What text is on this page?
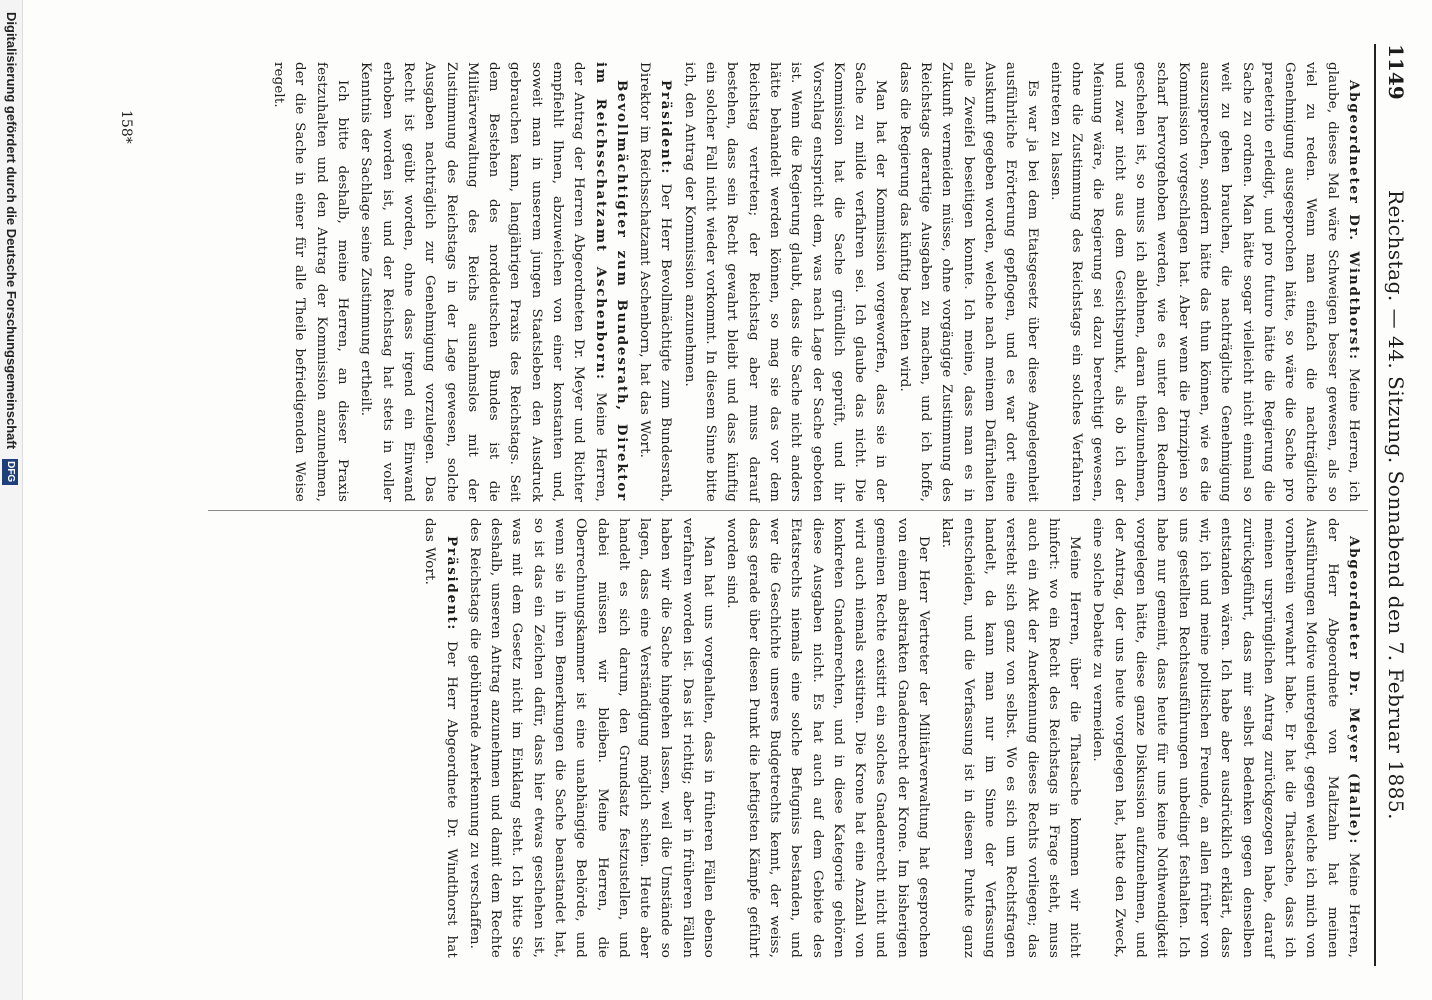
1149
Reichstag. — 44. Sitzung. Sonnabend den 7. Februar 1885.

Abgeordneter Dr. Windthorst: Meine Herren, ich glaube, dieses Mal wäre Schweigen besser gewesen, als so viel zu reden. Wenn man einfach die nachträgliche Genehmigung ausgesprochen hätte, so wäre die Sache pro praeterito erledigt, und pro futuro hätte die Regierung die Sache zu ordnen. Man hätte sogar vielleicht nicht einmal so weit zu gehen brauchen, die nachträgliche Genehmigung auszusprechen, sondern hätte das thun können, wie es die Kommission vorgeschlagen hat. Aber wenn die Prinzipien so scharf hervorgehoben werden, wie es unter den Rednern geschehen ist, so muss ich ablehnen, daran theilzunehmen, und zwar nicht aus dem Gesichtspunkt, als ob ich der Meinung wäre, die Regierung sei dazu berechtigt gewesen, ohne die Zustimmung des Reichstags ein solches Verfahren eintreten zu lassen.

Es war ja bei dem Etatsgesetz über diese Angelegenheit ausführliche Erörterung gepflogen, und es war dort eine Auskunft gegeben worden, welche nach meinem Dafürhalten alle Zweifel beseitigen konnte. Ich meine, dass man es in Zukunft vermeiden müsse, ohne vorgängige Zustimmung des Reichstags derartige Ausgaben zu machen, und ich hoffe, dass die Regierung das künftig beachten wird.

Man hat der Kommission vorgeworfen, dass sie in der Sache zu milde verfahren sei. Ich glaube das nicht. Die Kommission hat die Sache gründlich geprüft, und ihr Vorschlag entspricht dem, was nach Lage der Sache geboten ist. Wenn die Regierung glaubt, dass die Sache nicht anders hätte behandelt werden können, so mag sie das vor dem Reichstag vertreten; der Reichstag aber muss darauf bestehen, dass sein Recht gewahrt bleibt und dass künftig ein solcher Fall nicht wieder vorkommt. In diesem Sinne bitte ich, den Antrag der Kommission anzunehmen.

Präsident: Der Herr Bevollmächtigte zum Bundesrath, Direktor im Reichsschatzamt Aschenborn, hat das Wort.

Bevollmächtigter zum Bundesrath, Direktor im Reichsschatzamt Aschenborn: Meine Herren, der Antrag der Herren Abgeordneten Dr. Meyer und Richter empfiehlt Ihnen, abzuweichen von einer konstanten und, soweit man in unserem jungen Staatsleben den Ausdruck gebrauchen kann, langjährigen Praxis des Reichstags. Seit dem Bestehen des norddeutschen Bundes ist die Militärverwaltung des Reichs ausnahmslos mit der Zustimmung des Reichstags in der Lage gewesen, solche Ausgaben nachträglich zur Genehmigung vorzulegen. Das Recht ist geübt worden, ohne dass irgend ein Einwand erhoben worden ist, und der Reichstag hat stets in voller Kenntnis der Sachlage seine Zustimmung ertheilt.

Ich bitte deshalb, meine Herren, an dieser Praxis festzuhalten und den Antrag der Kommission anzunehmen, der die Sache in einer für alle Theile befriedigenden Weise regelt.

Abgeordneter Dr. Meyer (Halle): Meine Herren, der Herr Abgeordnete von Maltzahn hat meinen Ausführungen Motive untergelegt, gegen welche ich mich von vornherein verwahrt habe. Er hat die Thatsache, dass ich meinen ursprünglichen Antrag zurückgezogen habe, darauf zurückgeführt, dass mir selbst Bedenken gegen denselben entstanden wären. Ich habe aber ausdrücklich erklärt, dass wir, ich und meine politischen Freunde, an allen früher von uns gestellten Rechtsausführungen unbedingt festhalten. Ich habe nur gemeint, dass heute für uns keine Nothwendigkeit vorgelegen hätte, diese ganze Diskussion aufzunehmen, und der Antrag, der uns heute vorgelegen hat, hatte den Zweck, eine solche Debatte zu vermeiden.

Meine Herren, über die Thatsache kommen wir nicht hinfort: wo ein Recht des Reichstags in Frage steht, muss auch ein Akt der Anerkennung dieses Rechts vorliegen; das versteht sich ganz von selbst. Wo es sich um Rechtsfragen handelt, da kann man nur im Sinne der Verfassung entscheiden, und die Verfassung ist in diesem Punkte ganz klar.

Der Herr Vertreter der Militärverwaltung hat gesprochen von einem abstrakten Gnadenrecht der Krone. Im bisherigen gemeinen Rechte existirt ein solches Gnadenrecht nicht und wird auch niemals existiren. Die Krone hat eine Anzahl von konkreten Gnadenrechten, und in diese Kategorie gehören diese Ausgaben nicht. Es hat auch auf dem Gebiete des Etatsrechts niemals eine solche Befugniss bestanden, und wer die Geschichte unseres Budgetrechts kennt, der weiss, dass gerade über diesen Punkt die heftigsten Kämpfe geführt worden sind.

Man hat uns vorgehalten, dass in früheren Fällen ebenso verfahren worden ist. Das ist richtig; aber in früheren Fällen haben wir die Sache hingehen lassen, weil die Umstände so lagen, dass eine Verständigung möglich schien. Heute aber handelt es sich darum, den Grundsatz festzustellen, und dabei müssen wir bleiben. Meine Herren, die Oberrechnungskammer ist eine unabhängige Behörde, und wenn sie in ihren Bemerkungen die Sache beanstandet hat, so ist das ein Zeichen dafür, dass hier etwas geschehen ist, was mit dem Gesetz nicht im Einklang steht. Ich bitte Sie deshalb, unseren Antrag anzunehmen und damit dem Rechte des Reichstags die gebührende Anerkennung zu verschaffen.

Präsident: Der Herr Abgeordnete Dr. Windthorst hat das Wort.

158*
Digitalisierung gefördert durch die Deutsche Forschungsgemeinschaft DFG
